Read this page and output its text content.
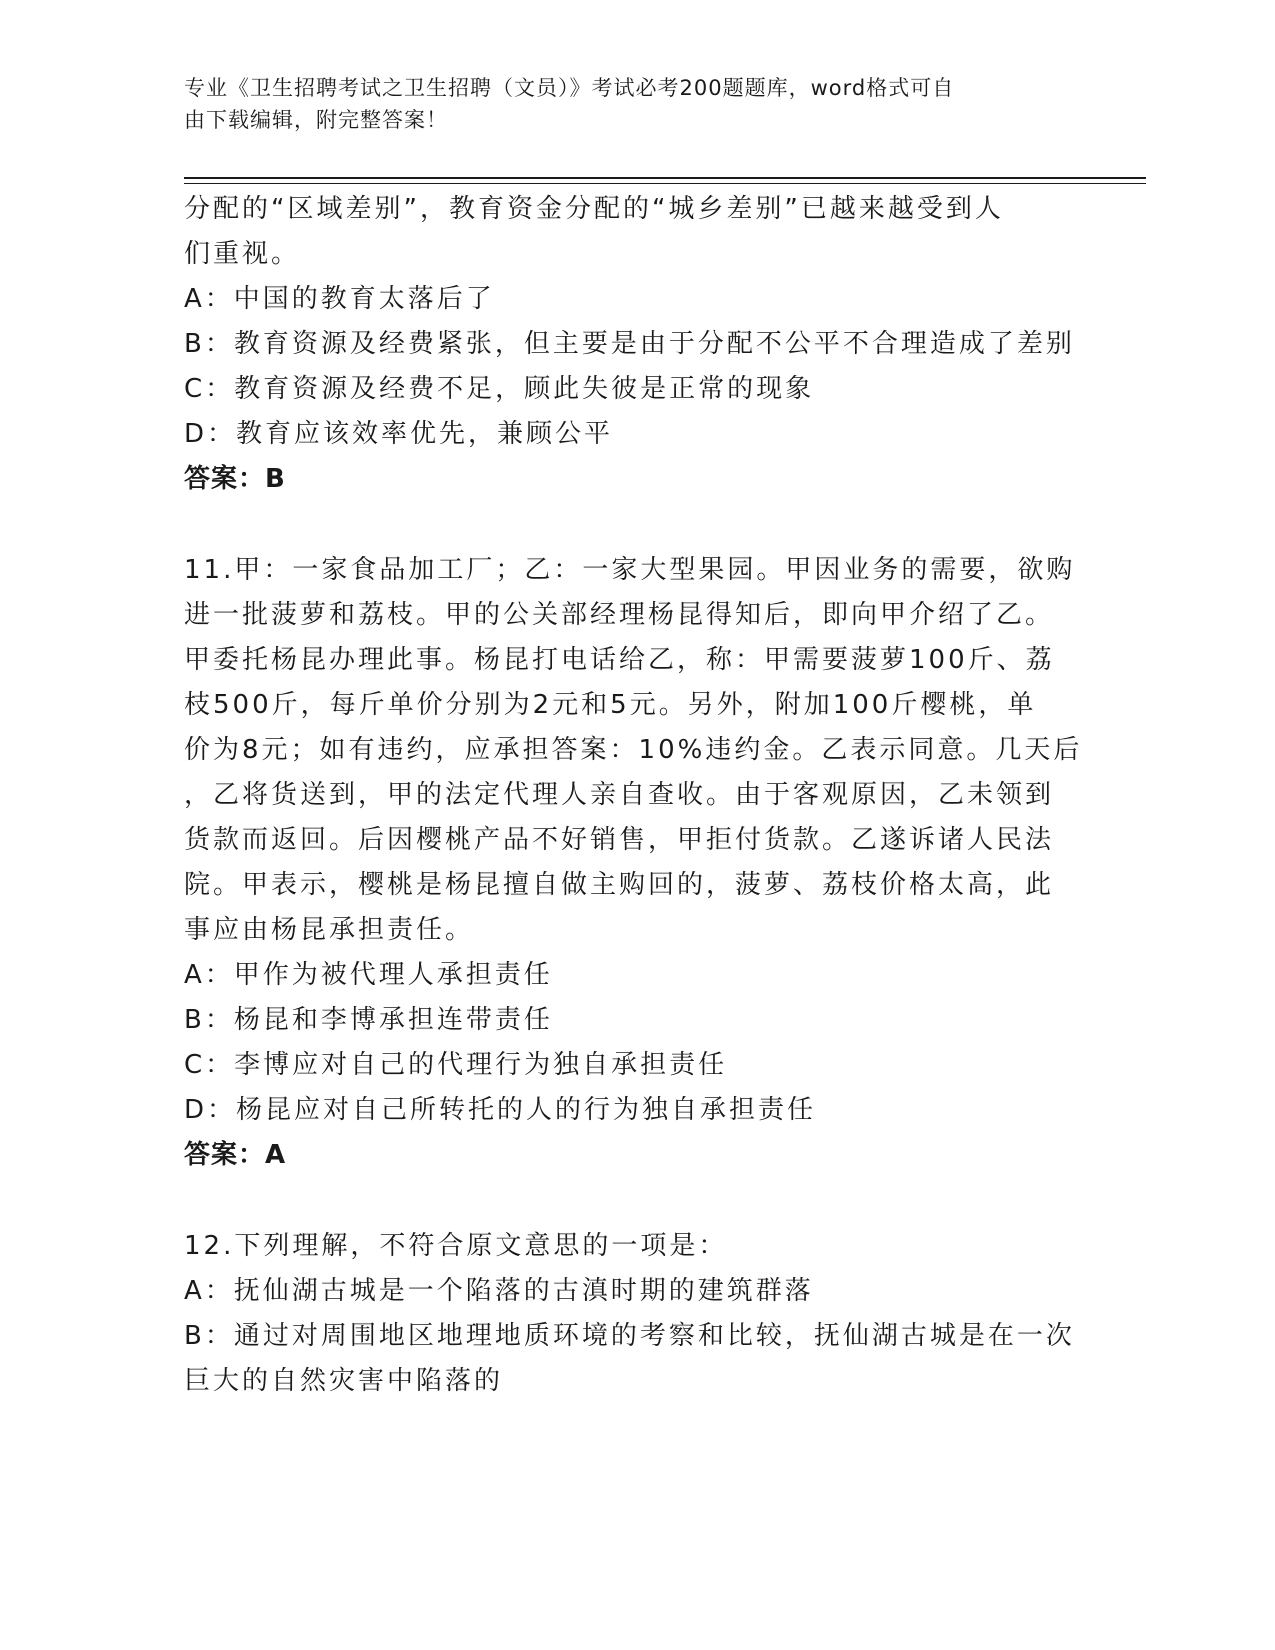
专业《卫生招聘考试之卫生招聘（文员）》考试必考200题题库，word格式可自
由下载编辑，附完整答案！
分配的“区域差别”，教育资金分配的“城乡差别”已越来越受到人
们重视。
A：中国的教育太落后了
B：教育资源及经费紧张，但主要是由于分配不公平不合理造成了差别
C：教育资源及经费不足，顾此失彼是正常的现象
D：教育应该效率优先，兼顾公平
答案：B
11.甲：一家食品加工厂；乙：一家大型果园。甲因业务的需要，欲购
进一批菠萝和荔枝。甲的公关部经理杨昆得知后，即向甲介绍了乙。
甲委托杨昆办理此事。杨昆打电话给乙，称：甲需要菠萝100斤、荔
枝500斤，每斤单价分别为2元和5元。另外，附加100斤樱桃，单
价为8元；如有违约，应承担答案：10%违约金。乙表示同意。几天后
，乙将货送到，甲的法定代理人亲自查收。由于客观原因，乙未领到
货款而返回。后因樱桃产品不好销售，甲拒付货款。乙遂诉诸人民法
院。甲表示，樱桃是杨昆擅自做主购回的，菠萝、荔枝价格太高，此
事应由杨昆承担责任。
A：甲作为被代理人承担责任
B：杨昆和李博承担连带责任
C：李博应对自己的代理行为独自承担责任
D：杨昆应对自己所转托的人的行为独自承担责任
答案：A
12.下列理解，不符合原文意思的一项是：
A：抚仙湖古城是一个陷落的古滇时期的建筑群落
B：通过对周围地区地理地质环境的考察和比较，抚仙湖古城是在一次
巨大的自然灾害中陷落的
